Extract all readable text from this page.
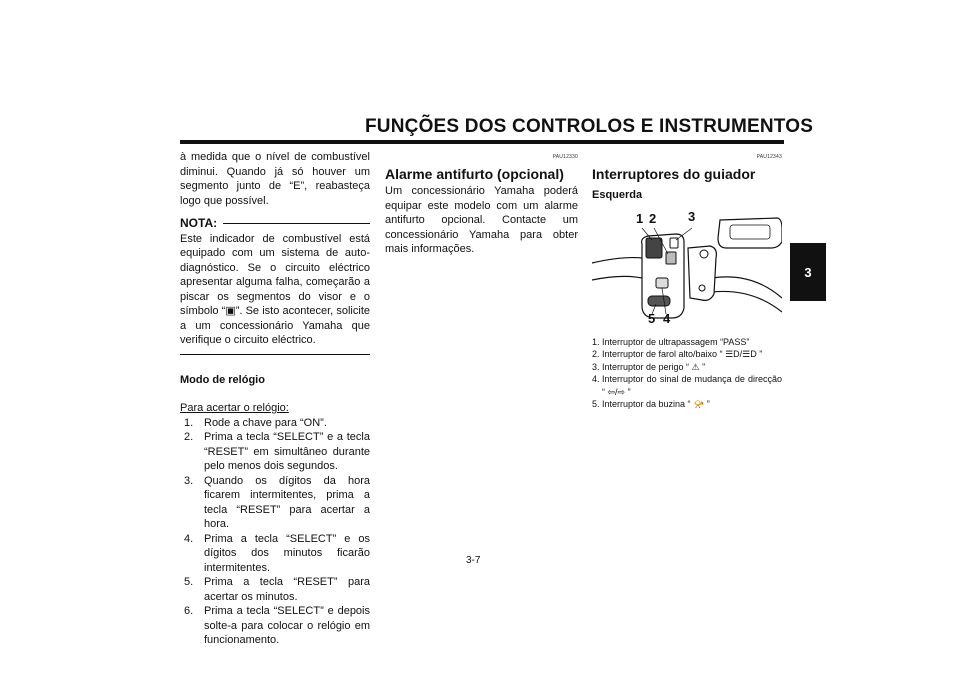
FUNÇÕES DOS CONTROLOS E INSTRUMENTOS
3

à medida que o nível de combustível diminui. Quando já só houver um segmento junto de “E”, reabasteça logo que possível.

NOTA:

Este indicador de combustível está equipado com um sistema de auto-diagnóstico. Se o circuito eléctrico apresentar alguma falha, começarão a piscar os segmentos do visor e o símbolo “▣”. Se isto acontecer, solicite a um concessionário Yamaha que verifique o circuito eléctrico.

Modo de relógio

Para acertar o relógio:

1. Rode a chave para “ON”.
2. Prima a tecla “SELECT” e a tecla “RESET” em simultâneo durante pelo menos dois segundos.
3. Quando os dígitos da hora ficarem intermitentes, prima a tecla “RESET” para acertar a hora.
4. Prima a tecla “SELECT” e os dígitos dos minutos ficarão intermitentes.
5. Prima a tecla “RESET” para acertar os minutos.
6. Prima a tecla “SELECT” e depois solte-a para colocar o relógio em funcionamento.
PAU12330
Alarme antifurto (opcional)

Um concessionário Yamaha poderá equipar este modelo com um alarme antifurto opcional. Contacte um concessionário Yamaha para obter mais informações.

PAU12343
Interruptores do guiador

Esquerda

1 2 3
5 4
1. Interruptor de ultrapassagem “PASS”
2. Interruptor de farol alto/baixo “ ☰D/☰D ”
3. Interruptor de perigo “ ⚠ ”
4. Interruptor do sinal de mudança de direcção “ ⇦/⇨ ”
5. Interruptor da buzina “ 📯 ”
3-7
